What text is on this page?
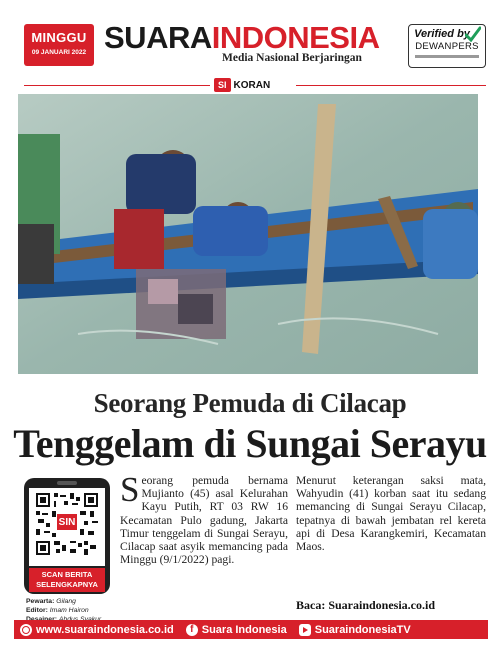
MINGGU
09 JANUARI 2022 SUARAINDONESIA
Media Nasional Berjaringan
Verified by
DEWANPERS
SI KORAN
Seorang Pemuda di Cilacap
Tenggelam di Sungai Serayu
SIN
SCAN BERITA
SELENGKAPNYA
Pewarta: Gilang
Editor: Imam Hairon
Seorang pemuda bernama Mujianto (45) asal Kelurahan Kayu Putih, RT 03 RW 16 Kecamatan Pulo gadung, Jakarta Timur tenggelam di Sungai Serayu, Cilacap saat asyik memancing pada Minggu (9/1/2022) pagi.
Menurut keterangan saksi mata, Wahyudin (41) korban saat itu sedang memancing di Sungai Serayu Cilacap, tepatnya di bawah jembatan rel kereta api di Desa Karangkemiri, Kecamatan Maos.
Baca: Suaraindonesia.co.id
www.suaraindonesia.co.id	f Suara Indonesia	SuaraindonesiaTV
